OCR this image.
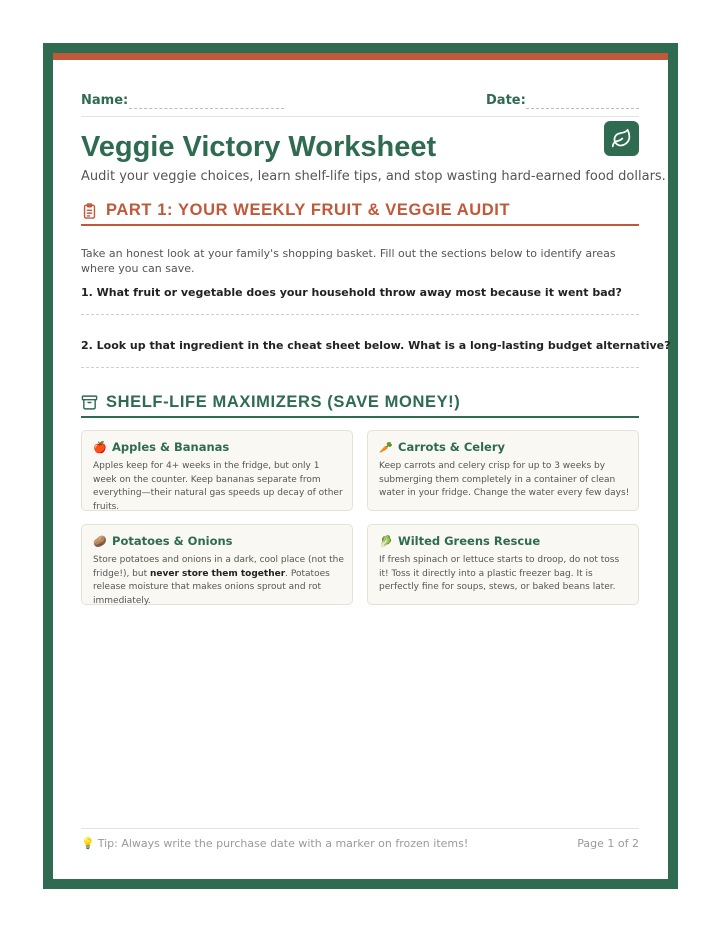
Name:	Date:
Veggie Victory Worksheet
Audit your veggie choices, learn shelf-life tips, and stop wasting hard-earned food dollars.
PART 1: YOUR WEEKLY FRUIT & VEGGIE AUDIT
Take an honest look at your family's shopping basket. Fill out the sections below to identify areas where you can save.
1. What fruit or vegetable does your household throw away most because it went bad?
2. Look up that ingredient in the cheat sheet below. What is a long-lasting budget alternative?
SHELF-LIFE MAXIMIZERS (SAVE MONEY!)
🍎 Apples & Bananas
Apples keep for 4+ weeks in the fridge, but only 1 week on the counter. Keep bananas separate from everything—their natural gas speeds up decay of other fruits.
🥕 Carrots & Celery
Keep carrots and celery crisp for up to 3 weeks by submerging them completely in a container of clean water in your fridge. Change the water every few days!
🥔 Potatoes & Onions
Store potatoes and onions in a dark, cool place (not the fridge!), but never store them together. Potatoes release moisture that makes onions sprout and rot immediately.
🥬 Wilted Greens Rescue
If fresh spinach or lettuce starts to droop, do not toss it! Toss it directly into a plastic freezer bag. It is perfectly fine for soups, stews, or baked beans later.
💡 Tip: Always write the purchase date with a marker on frozen items!	Page 1 of 2
